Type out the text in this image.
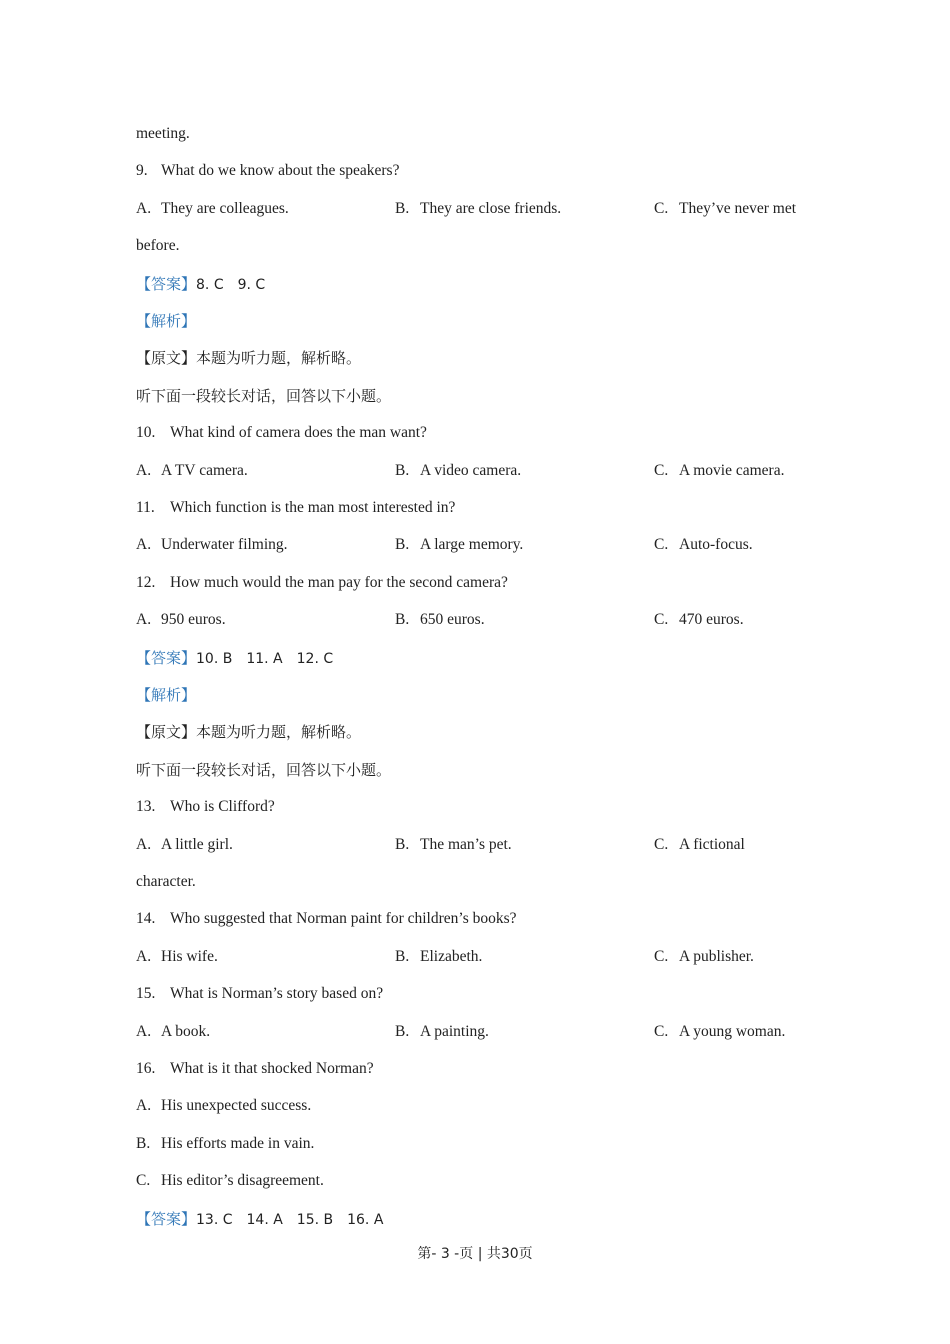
meeting.
9. What do we know about the speakers?
A. They are colleagues.	B. They are close friends.	C. They’ve never met
before.
【答案】8. C　9. C
【解析】
【原文】本题为听力题，解析略。
听下面一段较长对话，回答以下小题。
10. What kind of camera does the man want?
A. A TV camera.	B. A video camera.	C. A movie camera.
11. Which function is the man most interested in?
A. Underwater filming.	B. A large memory.	C. Auto-focus.
12. How much would the man pay for the second camera?
A. 950 euros.	B. 650 euros.	C. 470 euros.
【答案】10. B　11. A　12. C
【解析】
【原文】本题为听力题，解析略。
听下面一段较长对话，回答以下小题。
13. Who is Clifford?
A. A little girl.	B. The man’s pet.	C. A fictional
character.
14. Who suggested that Norman paint for children’s books?
A. His wife.	B. Elizabeth.	C. A publisher.
15. What is Norman’s story based on?
A. A book.	B. A painting.	C. A young woman.
16. What is it that shocked Norman?
A. His unexpected success.
B. His efforts made in vain.
C. His editor’s disagreement.
【答案】13. C　14. A　15. B　16. A
第- 3 -页 | 共30页
